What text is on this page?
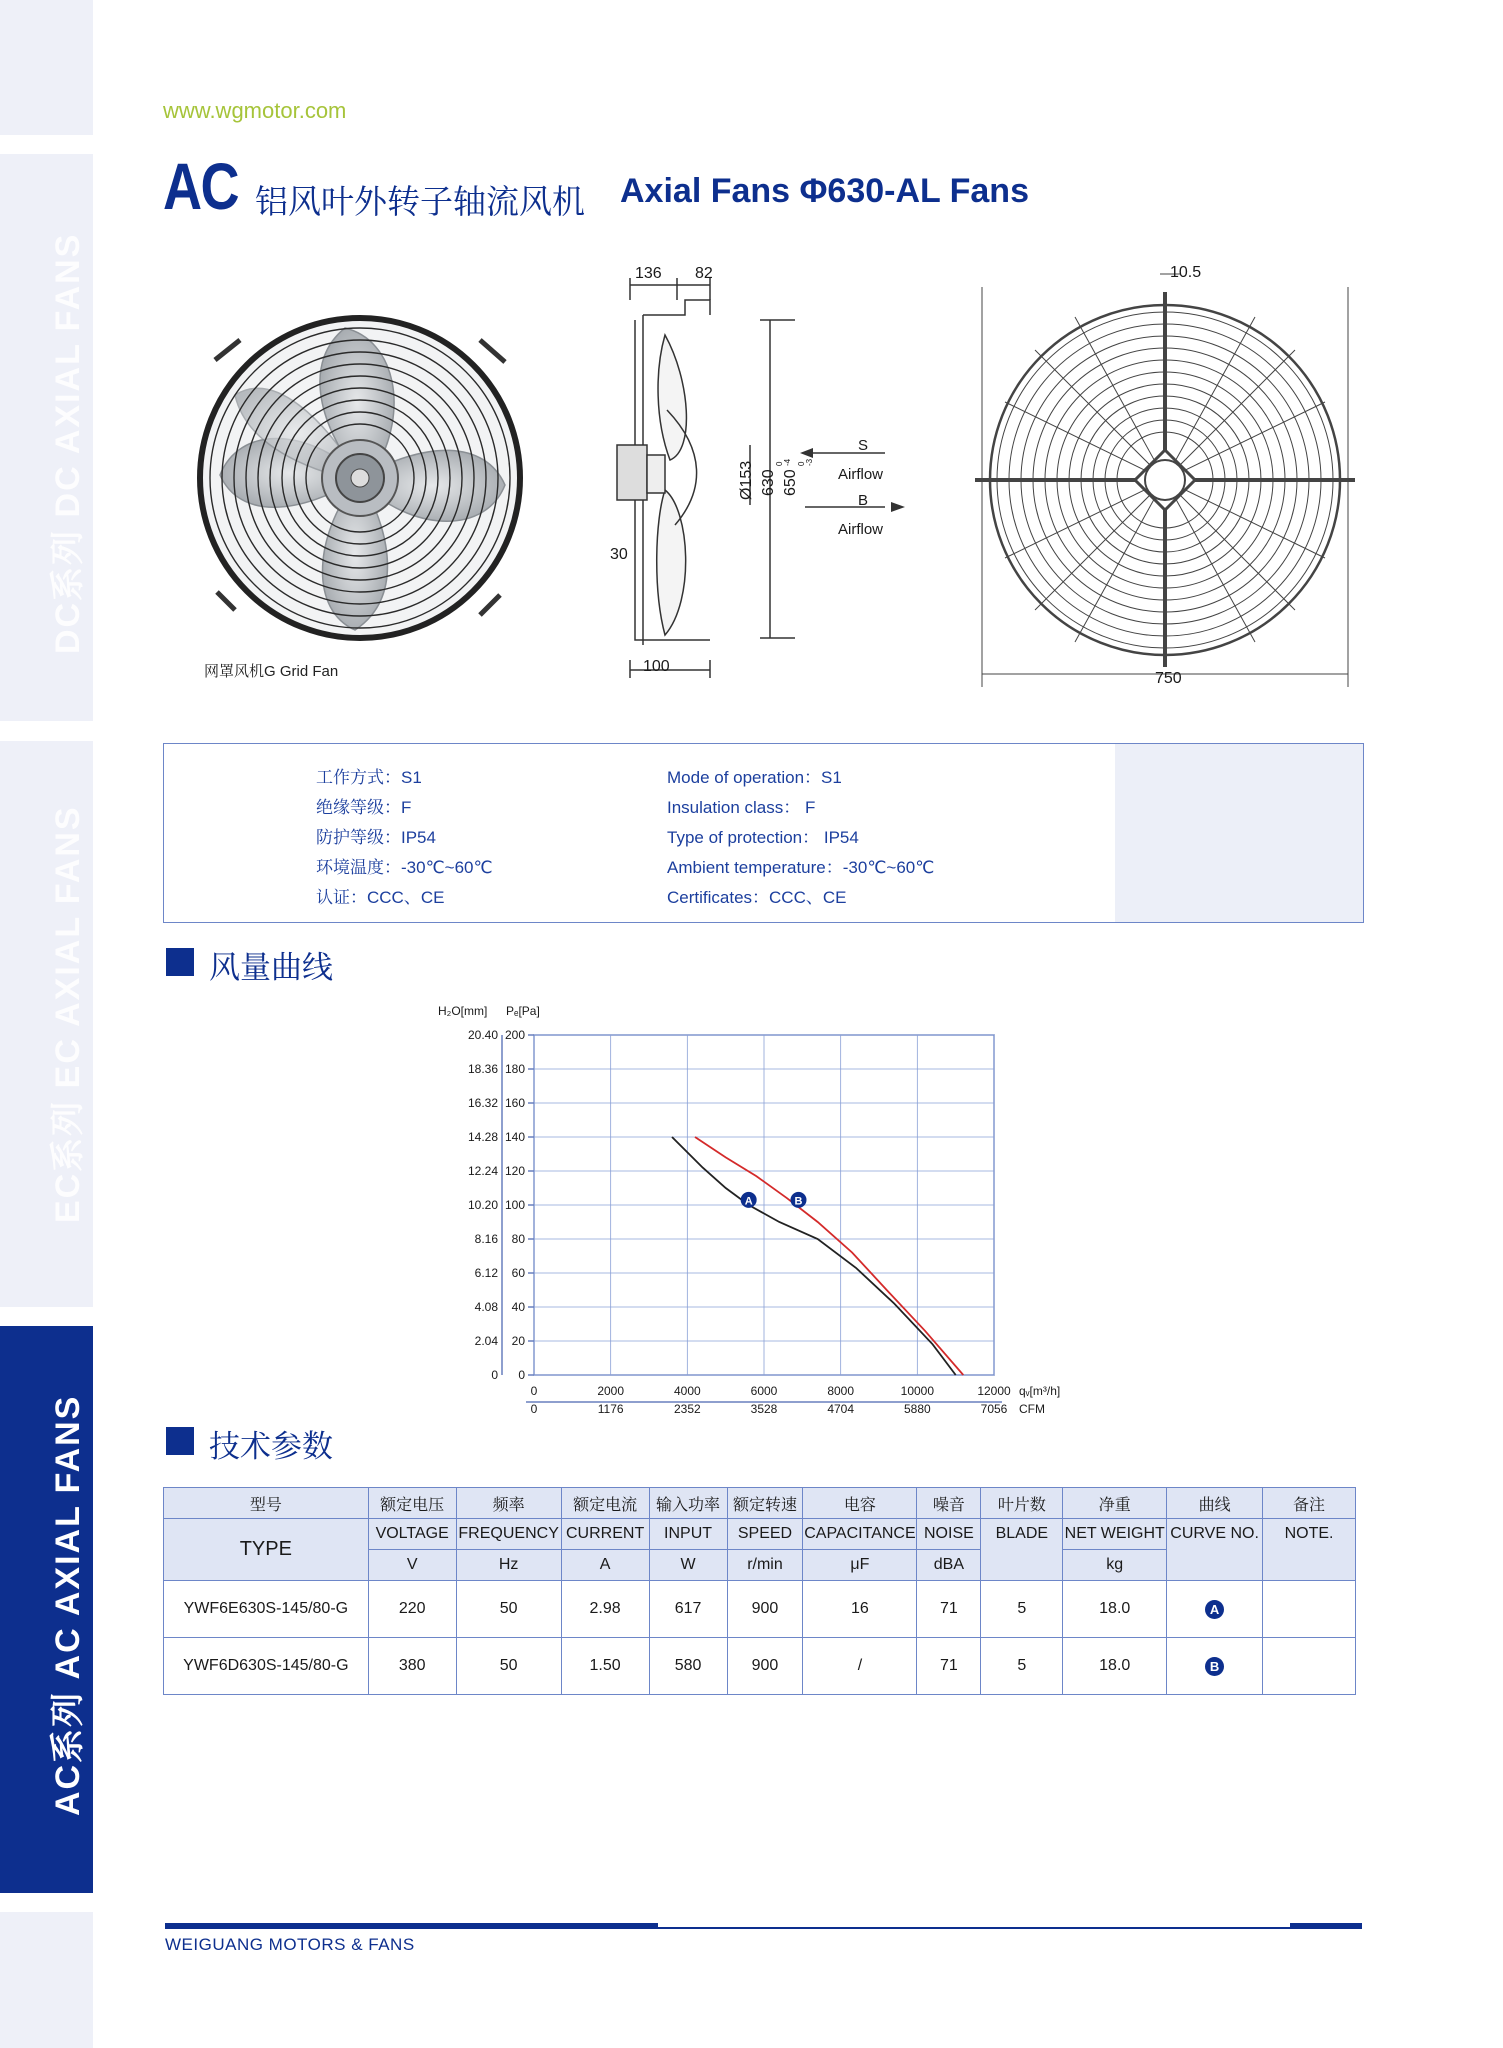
DC系列 DC AXIAL FANS
EC系列 EC AXIAL FANS
AC系列 AC AXIAL FANS
www.wgmotor.com
AC 铝风叶外转子轴流风机 Axial Fans Φ630-AL Fans
网罩风机G Grid Fan
136 82
30
100
Ø153 630
0
-4
650
0
-3
S
Airflow
B
Airflow
10.5
750
工作方式：S1
绝缘等级：F
防护等级：IP54
环境温度：-30℃~60℃
认证：CCC、CE
Mode of operation：S1
Insulation class： F
Type of protection： IP54
Ambient temperature：-30℃~60℃
Certificates：CCC、CE
风量曲线
200
20.40
180
18.36
160
16.32
140
14.28
120
12.24
100
10.20
80
8.16
60
6.12
40
4.08
20
2.04
0
0
0
0
2000
1176
4000
2352
6000
3528
8000
4704
10000
5880
12000
7056
H₂O[mm] Pₑ[Pa]
qᵥ[m³/h]
CFM
A	B
技术参数
型号	额定电压	频率	额定电流	输入功率	额定转速	电容	噪音	叶片数	净重	曲线	备注
TYPE	VOLTAGE	FREQUENCY	CURRENT	INPUT	SPEED	CAPACITANCE	NOISE	BLADE	NET WEIGHT	CURVE NO.	NOTE.
	V	Hz	A	W	r/min	μF	dBA		kg		
YWF6E630S-145/80-G	220	50	2.98	617	900	16	71	5	18.0	A	
YWF6D630S-145/80-G	380	50	1.50	580	900	/	71	5	18.0	B	
WEIGUANG MOTORS & FANS
